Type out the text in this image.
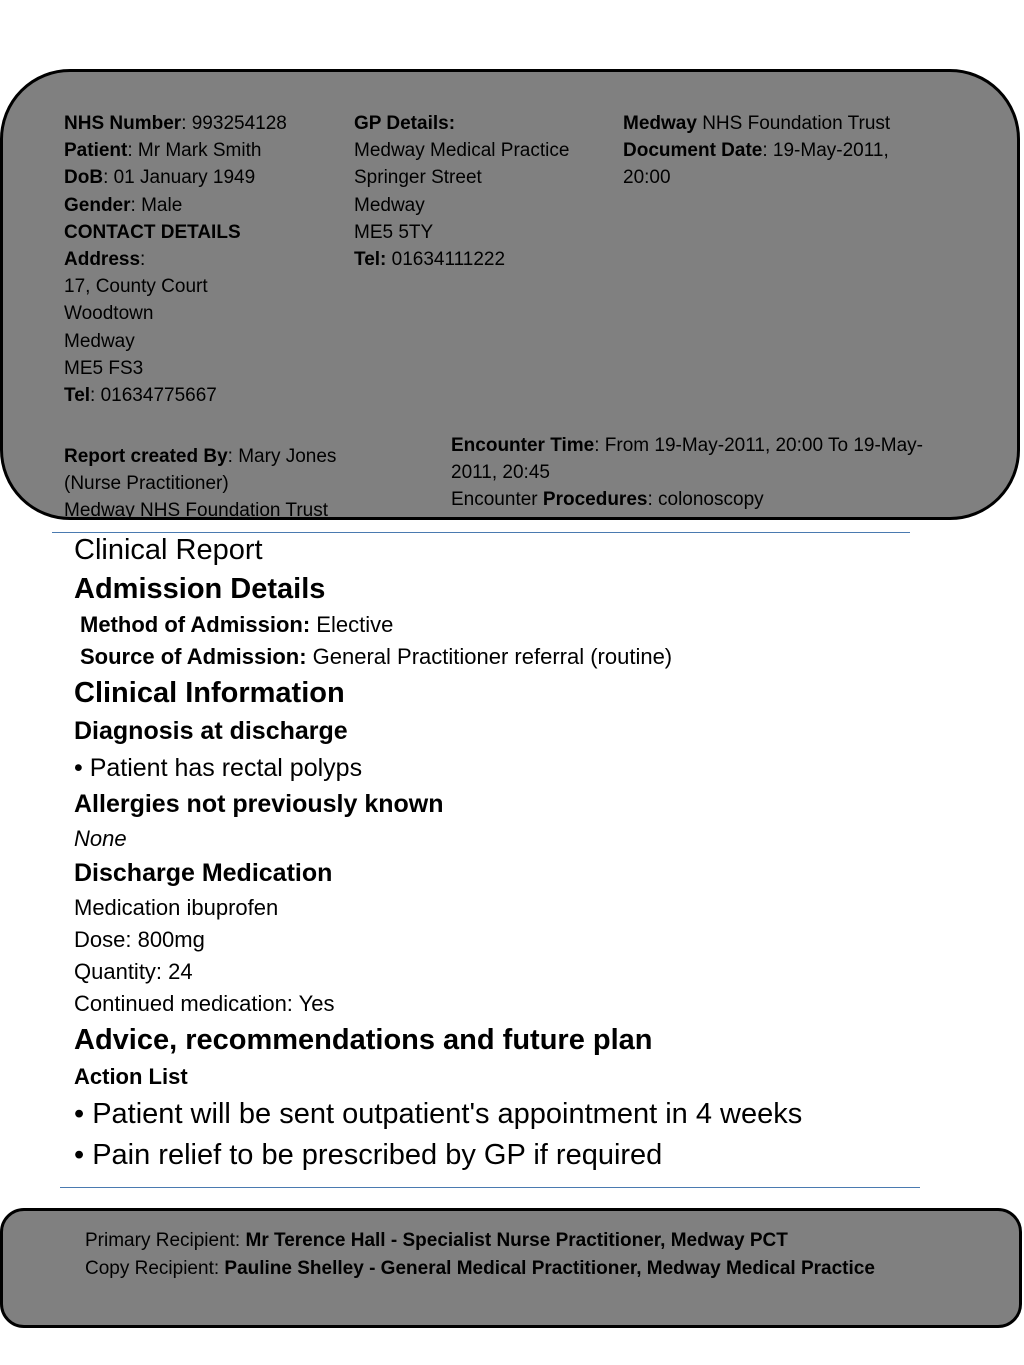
NHS Number: 993254128
Patient: Mr Mark Smith
DoB: 01 January 1949
Gender: Male
CONTACT DETAILS
Address:
17, County Court
Woodtown
Medway
ME5 FS3
Tel: 01634775667
GP Details:
Medway Medical Practice
Springer Street
Medway
ME5 5TY
Tel: 01634111222
Medway NHS Foundation Trust
Document Date: 19-May-2011, 20:00
Report created By: Mary Jones
(Nurse Practitioner)
Medway NHS Foundation Trust
Encounter Time: From 19-May-2011, 20:00 To 19-May-2011, 20:45
Encounter Procedures: colonoscopy
Clinical Report
Admission Details
Method of Admission: Elective
Source of Admission: General Practitioner referral (routine)
Clinical Information
Diagnosis at discharge
• Patient has rectal polyps
Allergies not previously known
None
Discharge Medication
Medication ibuprofen
Dose: 800mg
Quantity: 24
Continued medication: Yes
Advice, recommendations and future plan
Action List
• Patient will be sent outpatient's appointment in 4 weeks
• Pain relief to be prescribed by GP if required
Primary Recipient: Mr Terence Hall - Specialist Nurse Practitioner, Medway PCT
Copy Recipient: Pauline Shelley - General Medical Practitioner, Medway Medical Practice
